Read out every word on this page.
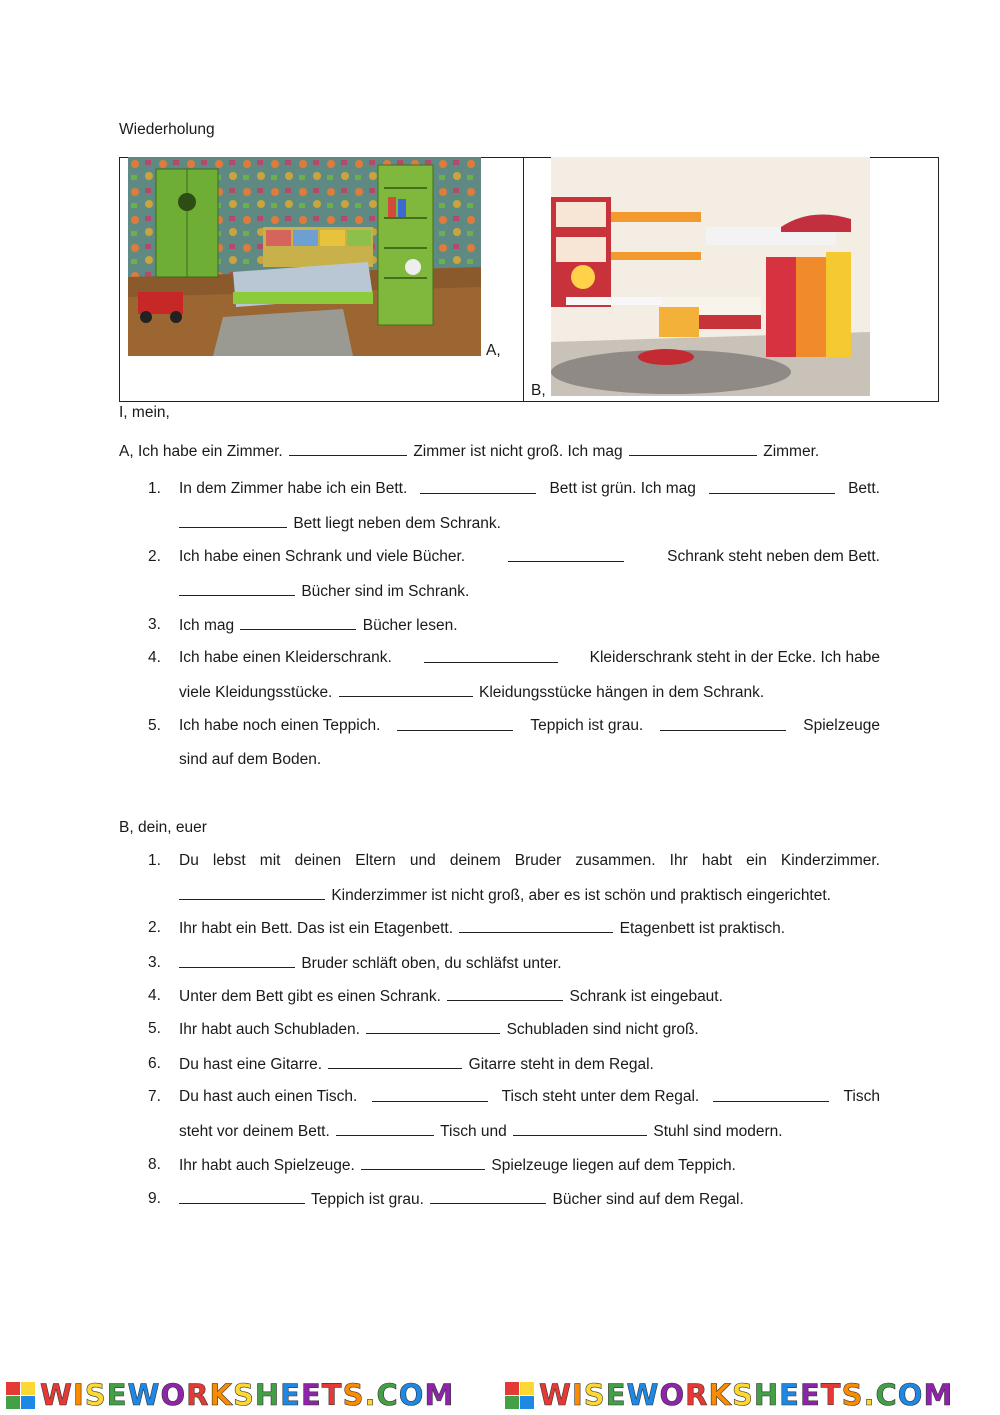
Wiederholung
A,
B,
I, mein,
A, Ich habe ein Zimmer.	Zimmer ist nicht groß. Ich mag	Zimmer.
1. In dem Zimmer habe ich ein Bett.	Bett ist grün. Ich mag	Bett.
Bett liegt neben dem Schrank.
2. Ich habe einen Schrank und viele Bücher.	Schrank steht neben dem Bett.
Bücher sind im Schrank.
3. Ich mag	Bücher lesen.
4. Ich habe einen Kleiderschrank.	Kleiderschrank steht in der Ecke. Ich habe
viele Kleidungsstücke.	Kleidungsstücke hängen in dem Schrank.
5. Ich habe noch einen Teppich.	Teppich ist grau.	Spielzeuge
sind auf dem Boden.
B, dein, euer
1. Du lebst mit deinen Eltern und deinem Bruder zusammen. Ihr habt ein Kinderzimmer.
Kinderzimmer ist nicht groß, aber es ist schön und praktisch eingerichtet.
2. Ihr habt ein Bett. Das ist ein Etagenbett.	Etagenbett ist praktisch.
3.	Bruder schläft oben, du schläfst unter.
4. Unter dem Bett gibt es einen Schrank.	Schrank ist eingebaut.
5. Ihr habt auch Schubladen.	Schubladen sind nicht groß.
6. Du hast eine Gitarre.	Gitarre steht in dem Regal.
7. Du hast auch einen Tisch.	Tisch steht unter dem Regal.	Tisch
steht vor deinem Bett.	Tisch und	Stuhl sind modern.
8. Ihr habt auch Spielzeuge.	Spielzeuge liegen auf dem Teppich.
9.	Teppich ist grau.	Bücher sind auf dem Regal.
WISEWORKSHEETS.COM	WISEWORKSHEETS.COM
